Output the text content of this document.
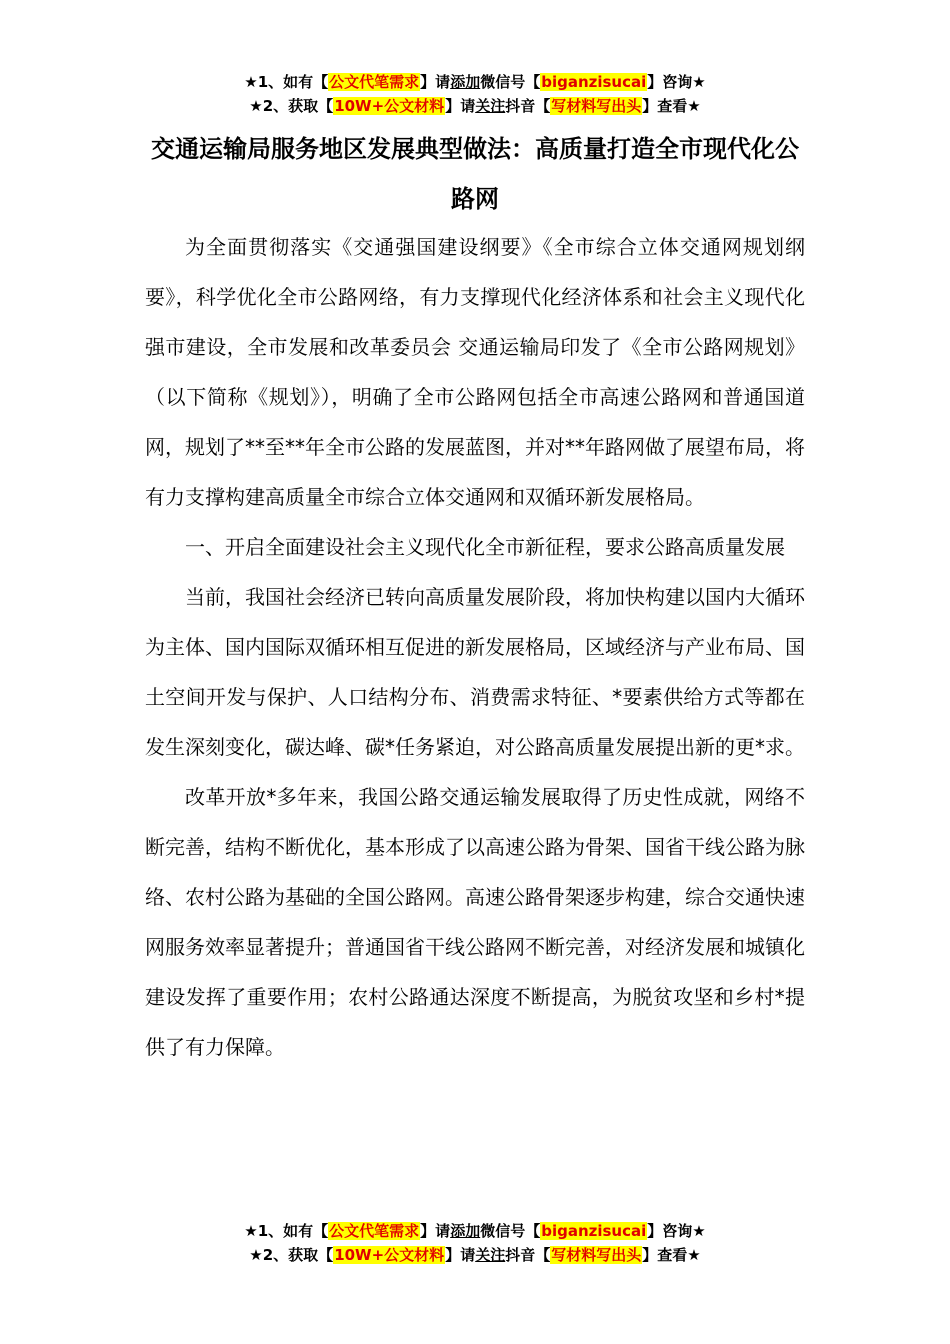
★1、如有【公文代笔需求】请添加微信号【biganzisucai】咨询★
★2、获取【10W+公文材料】请关注抖音【写材料写出头】查看★
交通运输局服务地区发展典型做法：高质量打造全市现代化公路网

为全面贯彻落实《交通强国建设纲要》《全市综合立体交通网规划纲要》，科学优化全市公路网络，有力支撑现代化经济体系和社会主义现代化强市建设，全市发展和改革委员会 交通运输局印发了《全市公路网规划》（以下简称《规划》），明确了全市公路网包括全市高速公路网和普通国道网，规划了**至**年全市公路的发展蓝图，并对**年路网做了展望布局，将有力支撑构建高质量全市综合立体交通网和双循环新发展格局。

一、开启全面建设社会主义现代化全市新征程，要求公路高质量发展

当前，我国社会经济已转向高质量发展阶段，将加快构建以国内大循环为主体、国内国际双循环相互促进的新发展格局，区域经济与产业布局、国土空间开发与保护、人口结构分布、消费需求特征、*要素供给方式等都在发生深刻变化，碳达峰、碳*任务紧迫，对公路高质量发展提出新的更*求。

改革开放*多年来，我国公路交通运输发展取得了历史性成就，网络不断完善，结构不断优化，基本形成了以高速公路为骨架、国省干线公路为脉络、农村公路为基础的全国公路网。高速公路骨架逐步构建，综合交通快速网服务效率显著提升；普通国省干线公路网不断完善，对经济发展和城镇化建设发挥了重要作用；农村公路通达深度不断提高，为脱贫攻坚和乡村*提供了有力保障。

★1、如有【公文代笔需求】请添加微信号【biganzisucai】咨询★
★2、获取【10W+公文材料】请关注抖音【写材料写出头】查看★
